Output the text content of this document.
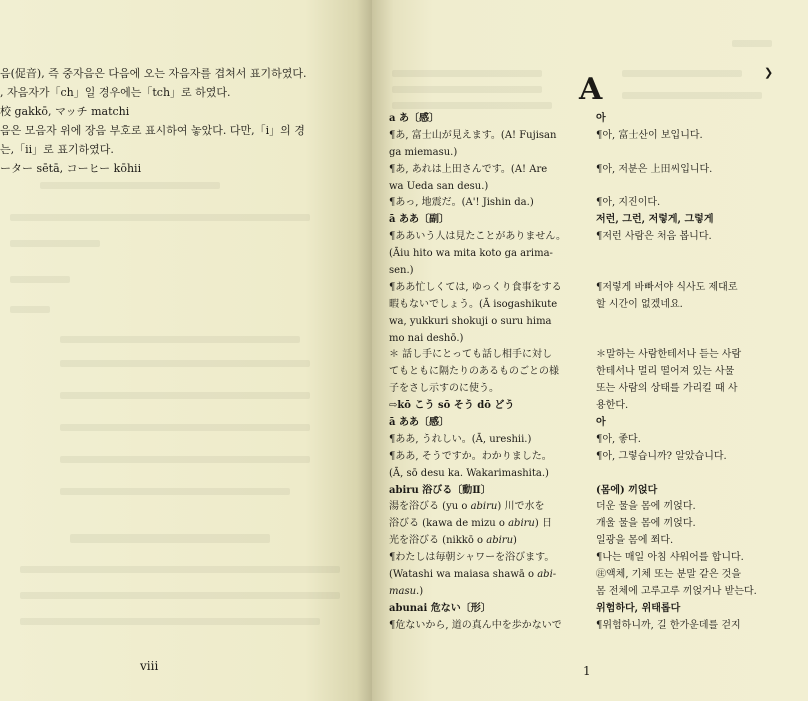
음(促音), 즉 중자음은 다음에 오는 자음자를 겹쳐서 표기하였다.
, 자음자가「ch」일 경우에는「tch」로 하였다.
校 gakkō, マッチ matchi
음은 모음자 위에 장음 부호로 표시하여 놓았다. 다만,「i」의 경
는,「ii」로 표기하였다.
ーター sētā, コーヒー kōhii
viii
A	❯
a あ〔感〕
¶あ, 富士山が見えます。(A! Fujisan
ga miemasu.)
¶あ, あれは上田さんです。(A! Are
wa Ueda san desu.)
¶あっ, 地震だ。(A'! Jishin da.)
ā ああ〔副〕
¶ああいう人は見たことがありません。
(Āiu hito wa mita koto ga arima-
sen.)
¶ああ忙しくては, ゆっくり食事をする
暇もないでしょう。(Ā isogashikute
wa, yukkuri shokuji o suru hima
mo nai deshō.)
＊ 話し手にとっても話し相手に対し
てもともに隔たりのあるものごとの様
子をさし示すのに使う。
⇨kō こう sō そう dō どう
ā ああ〔感〕
¶ああ, うれしい。(Ā, ureshii.)
¶ああ, そうですか。わかりました。
(Ā, sō desu ka. Wakarimashita.)
abiru 浴びる〔動Ⅱ〕
湯を浴びる (yu o abiru) 川で水を
浴びる (kawa de mizu o abiru) 日
光を浴びる (nikkō o abiru)
¶わたしは毎朝シャワーを浴びます。
(Watashi wa maiasa shawā o abi-
masu.)
abunai 危ない〔形〕
¶危ないから, 道の真ん中を歩かないで
아
¶아, 富士산이 보입니다.
¶아, 저분은 上田씨입니다.
¶아, 지진이다.
저런, 그런, 저렇게, 그렇게
¶저런 사람은 처음 봅니다.
¶저렇게 바빠서야 식사도 제대로
할 시간이 없겠네요.
＊말하는 사람한테서나 듣는 사람
한테서나 멀리 떨어져 있는 사물
또는 사람의 상태를 가리킬 때 사
용한다.
아
¶아, 좋다.
¶아, 그렇습니까? 알았습니다.
(몸에) 끼얹다
더운 물을 몸에 끼얹다.
개울 물을 몸에 끼얹다.
일광을 몸에 쬐다.
¶나는 매일 아침 샤워어를 합니다.
㊟액체, 기체 또는 분말 같은 것을
몸 전체에 고루고루 끼얹거나 받는다.
위험하다, 위태롭다
¶위험하니까, 길 한가운데를 걷지
1
